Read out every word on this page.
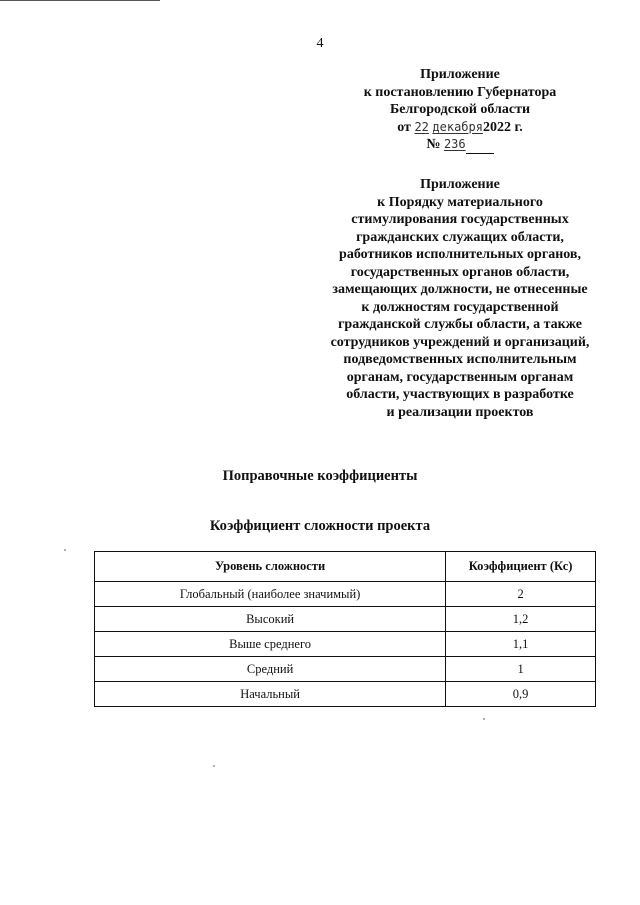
4
Приложение
к постановлению Губернатора
Белгородской области
от 22 декабря2022 г.
№ 236
Приложение
к Порядку материального
стимулирования государственных
гражданских служащих области,
работников исполнительных органов,
государственных органов области,
замещающих должности, не отнесенные
к должностям государственной
гражданской службы области, а также
сотрудников учреждений и организаций,
подведомственных исполнительным
органам, государственным органам
области, участвующих в разработке
и реализации проектов
Поправочные коэффициенты
Коэффициент сложности проекта
Уровень сложности	Коэффициент (Кс)
Глобальный (наиболее значимый)	2
Высокий	1,2
Выше среднего	1,1
Средний	1
Начальный	0,9
